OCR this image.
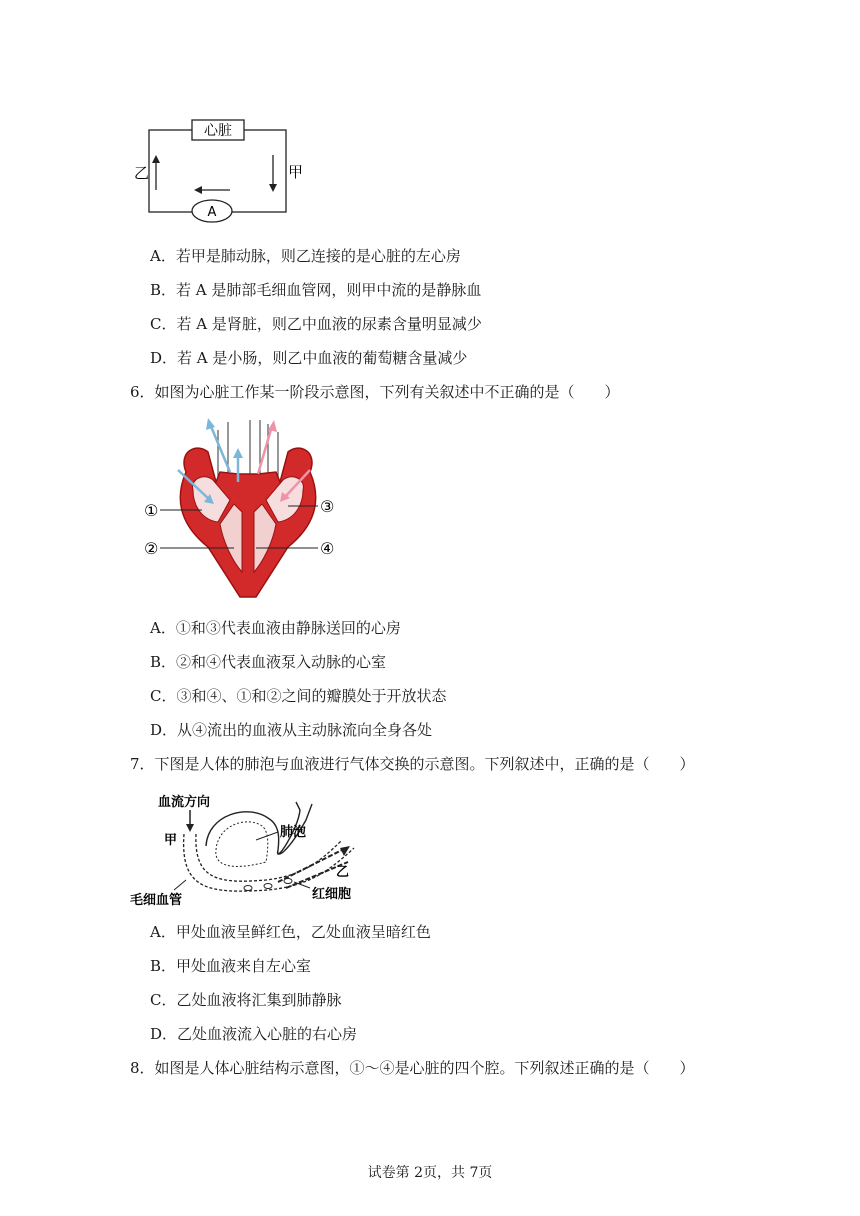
心脏
A
乙	甲
A．若甲是肺动脉，则乙连接的是心脏的左心房
B．若 A 是肺部毛细血管网，则甲中流的是静脉血
C．若 A 是肾脏，则乙中血液的尿素含量明显减少
D．若 A 是小肠，则乙中血液的葡萄糖含量减少
6．如图为心脏工作某一阶段示意图，下列有关叙述中不正确的是（　　）
①
②
③
④
A．①和③代表血液由静脉送回的心房
B．②和④代表血液泵入动脉的心室
C．③和④、①和②之间的瓣膜处于开放状态
D．从④流出的血液从主动脉流向全身各处
7．下图是人体的肺泡与血液进行气体交换的示意图。下列叙述中，正确的是（　　）
血流方向
甲
肺泡
乙
红细胞
毛细血管
A．甲处血液呈鲜红色，乙处血液呈暗红色
B．甲处血液来自左心室
C．乙处血液将汇集到肺静脉
D．乙处血液流入心脏的右心房
8．如图是人体心脏结构示意图，①～④是心脏的四个腔。下列叙述正确的是（　　）
试卷第 2页，共 7页
